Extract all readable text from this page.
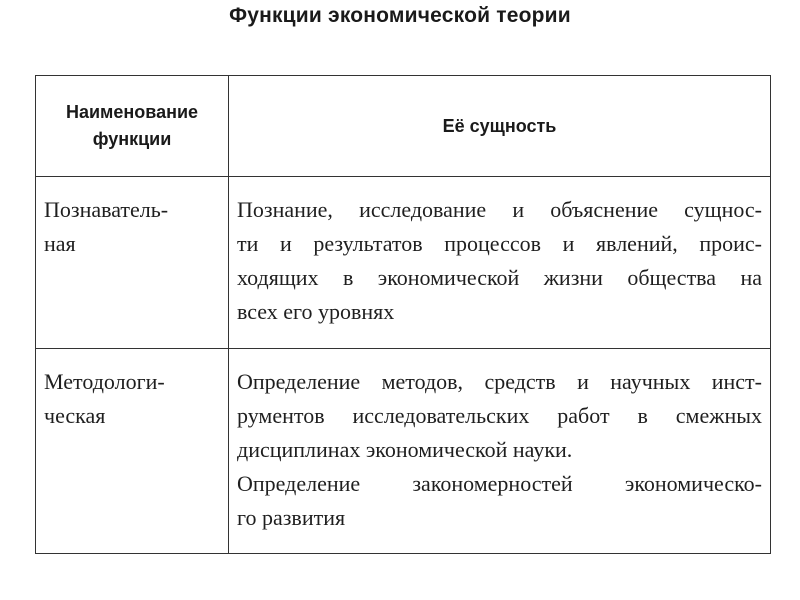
Функции экономической теории
Наименование функции	Её сущность

Познаватель-
ная	Познание, исследование и объяснение сущнос-
ти и результатов процессов и явлений, проис-
ходящих в экономической жизни общества на
всех его уровнях

Методологи-
ческая	Определение методов, средств и научных инст-
рументов исследовательских работ в смежных
дисциплинах экономической науки.
Определение закономерностей экономическо-
го развития
